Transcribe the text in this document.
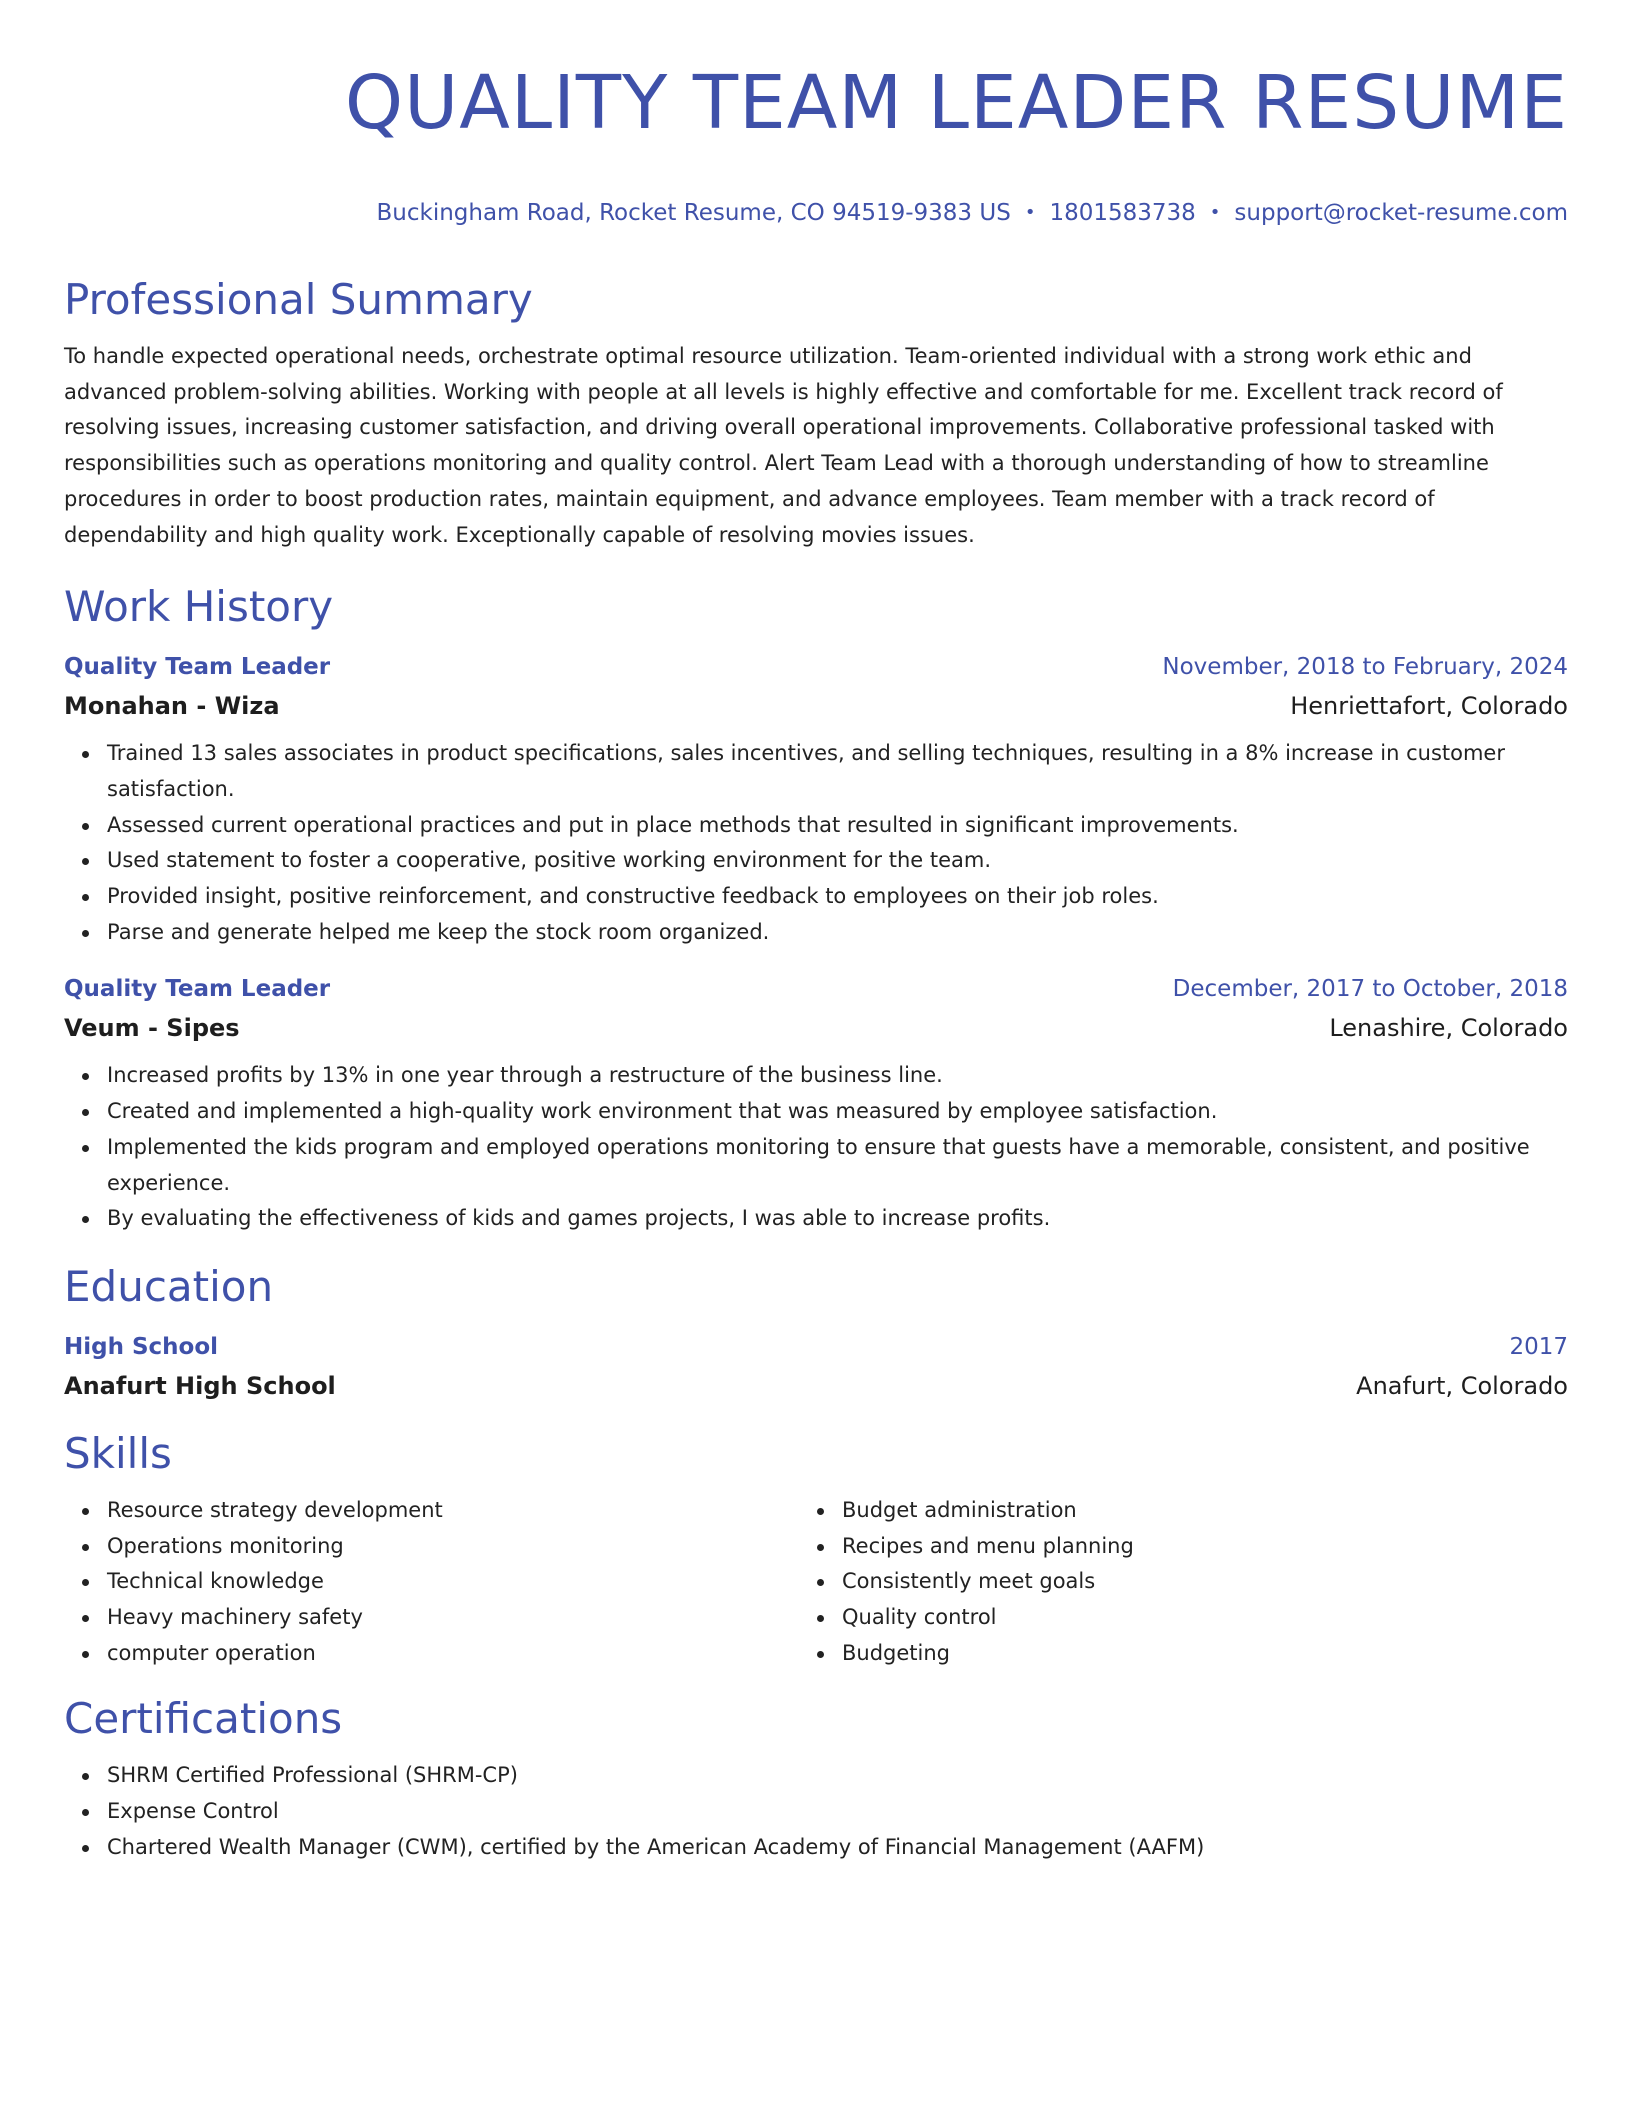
QUALITY TEAM LEADER RESUME
Buckingham Road, Rocket Resume, CO 94519-9383 US • 1801583738 • support@rocket-resume.com
Professional Summary
To handle expected operational needs, orchestrate optimal resource utilization. Team-oriented individual with a strong work ethic and advanced problem-solving abilities. Working with people at all levels is highly effective and comfortable for me. Excellent track record of resolving issues, increasing customer satisfaction, and driving overall operational improvements. Collaborative professional tasked with responsibilities such as operations monitoring and quality control. Alert Team Lead with a thorough understanding of how to streamline procedures in order to boost production rates, maintain equipment, and advance employees. Team member with a track record of dependability and high quality work. Exceptionally capable of resolving movies issues.
Work History
Quality Team Leader	November, 2018 to February, 2024
Monahan - Wiza	Henriettafort, Colorado
Trained 13 sales associates in product specifications, sales incentives, and selling techniques, resulting in a 8% increase in customer satisfaction.
Assessed current operational practices and put in place methods that resulted in significant improvements.
Used statement to foster a cooperative, positive working environment for the team.
Provided insight, positive reinforcement, and constructive feedback to employees on their job roles.
Parse and generate helped me keep the stock room organized.
Quality Team Leader	December, 2017 to October, 2018
Veum - Sipes	Lenashire, Colorado
Increased profits by 13% in one year through a restructure of the business line.
Created and implemented a high-quality work environment that was measured by employee satisfaction.
Implemented the kids program and employed operations monitoring to ensure that guests have a memorable, consistent, and positive experience.
By evaluating the effectiveness of kids and games projects, I was able to increase profits.
Education
High School	2017
Anafurt High School	Anafurt, Colorado
Skills
Resource strategy development
Operations monitoring
Technical knowledge
Heavy machinery safety
computer operation
Budget administration
Recipes and menu planning
Consistently meet goals
Quality control
Budgeting
Certifications
SHRM Certified Professional (SHRM-CP)
Expense Control
Chartered Wealth Manager (CWM), certified by the American Academy of Financial Management (AAFM)
